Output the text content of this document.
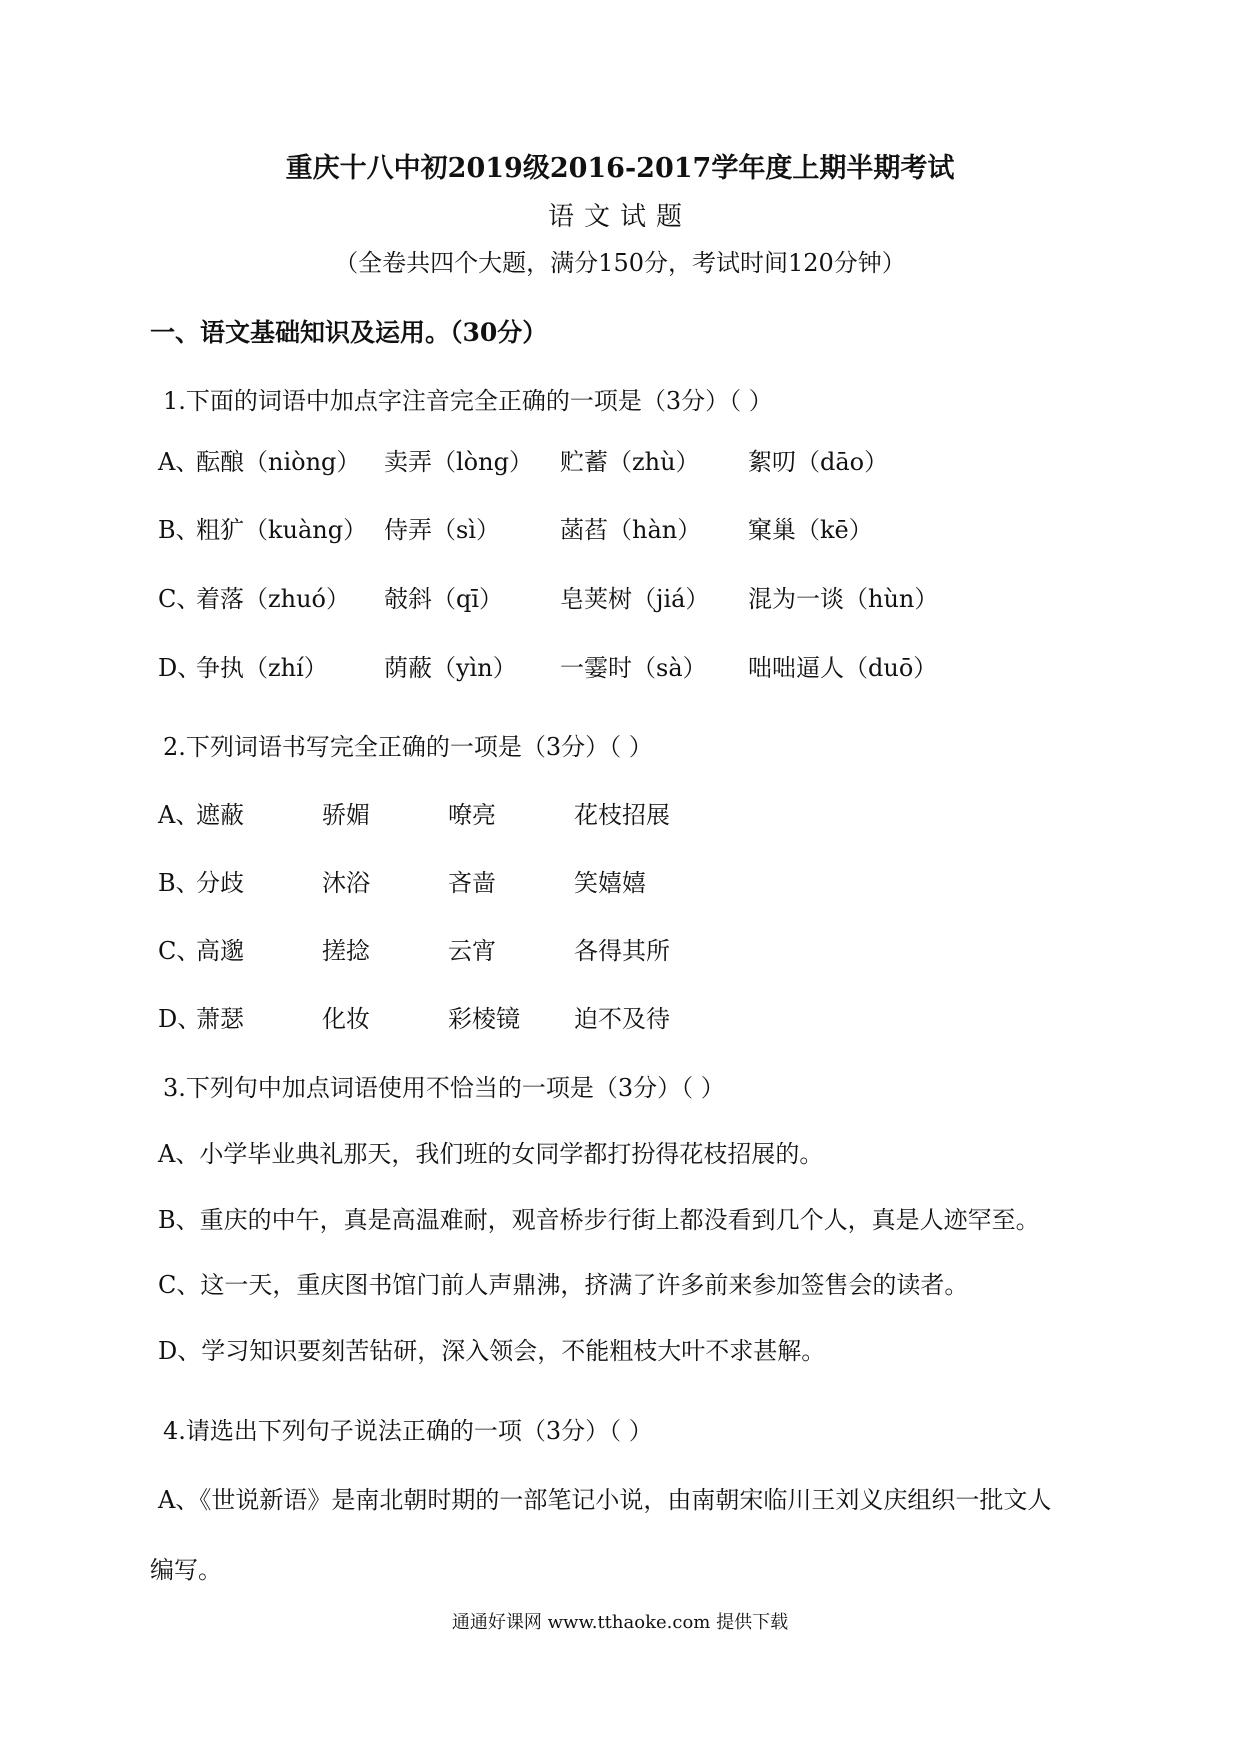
重庆十八中初2019级2016-2017学年度上期半期考试
语文试题
（全卷共四个大题，满分150分，考试时间120分钟）
一、语文基础知识及运用。（30分）
1.下面的词语中加点字注音完全正确的一项是（3分）（ ）
A、
酝酿（niòng） 卖弄（lòng） 贮蓄（zhù） 絮叨（dāo）
B、
粗犷（kuàng） 侍弄（sì）	菡萏（hàn） 窠巢（kē）
C、
着落（zhuó） 攲斜（qī） 皂荚树（jiá） 混为一谈（hùn）
D、
争执（zhí） 荫蔽（yìn） 一霎时（sà） 咄咄逼人（duō）
2.下列词语书写完全正确的一项是（3分）（ ）
A、
遮蔽	骄媚	嘹亮	花枝招展
B、
分歧	沐浴	吝啬	笑嬉嬉
C、
高邈	搓捻	云宵	各得其所
D、
萧瑟	化妆	彩棱镜 迫不及待
3.下列句中加点词语使用不恰当的一项是（3分）（ ）
A、小学毕业典礼那天，我们班的女同学都打扮得花枝招展的。
B、重庆的中午，真是高温难耐，观音桥步行街上都没看到几个人，真是人迹罕至。
C、这一天，重庆图书馆门前人声鼎沸，挤满了许多前来参加签售会的读者。
D、学习知识要刻苦钻研，深入领会，不能粗枝大叶不求甚解。
4.请选出下列句子说法正确的一项（3分）（ ）
A、《世说新语》是南北朝时期的一部笔记小说，由南朝宋临川王刘义庆组织一批文人
编写。
通通好课网 www.tthaoke.com 提供下载
